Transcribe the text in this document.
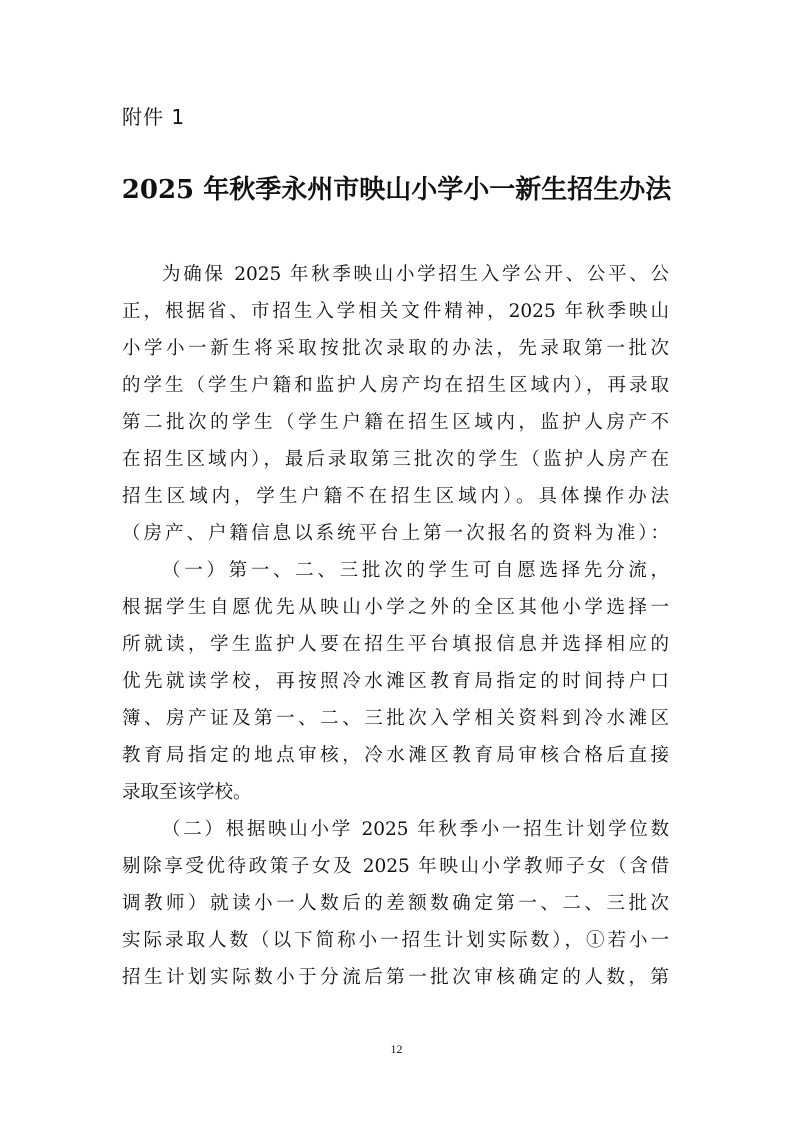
附件 1
2025 年秋季永州市映山小学小一新生招生办法
为确保 2025 年秋季映山小学招生入学公开、公平、公
正，根据省、市招生入学相关文件精神，2025 年秋季映山
小学小一新生将采取按批次录取的办法，先录取第一批次
的学生（学生户籍和监护人房产均在招生区域内），再录取
第二批次的学生（学生户籍在招生区域内，监护人房产不
在招生区域内），最后录取第三批次的学生（监护人房产在
招生区域内，学生户籍不在招生区域内）。具体操作办法
（房产、户籍信息以系统平台上第一次报名的资料为准）：
（一）第一、二、三批次的学生可自愿选择先分流，
根据学生自愿优先从映山小学之外的全区其他小学选择一
所就读，学生监护人要在招生平台填报信息并选择相应的
优先就读学校，再按照冷水滩区教育局指定的时间持户口
簿、房产证及第一、二、三批次入学相关资料到冷水滩区
教育局指定的地点审核，冷水滩区教育局审核合格后直接
录取至该学校。
（二）根据映山小学 2025 年秋季小一招生计划学位数
剔除享受优待政策子女及 2025 年映山小学教师子女（含借
调教师）就读小一人数后的差额数确定第一、二、三批次
实际录取人数（以下简称小一招生计划实际数），①若小一
招生计划实际数小于分流后第一批次审核确定的人数，第
12
